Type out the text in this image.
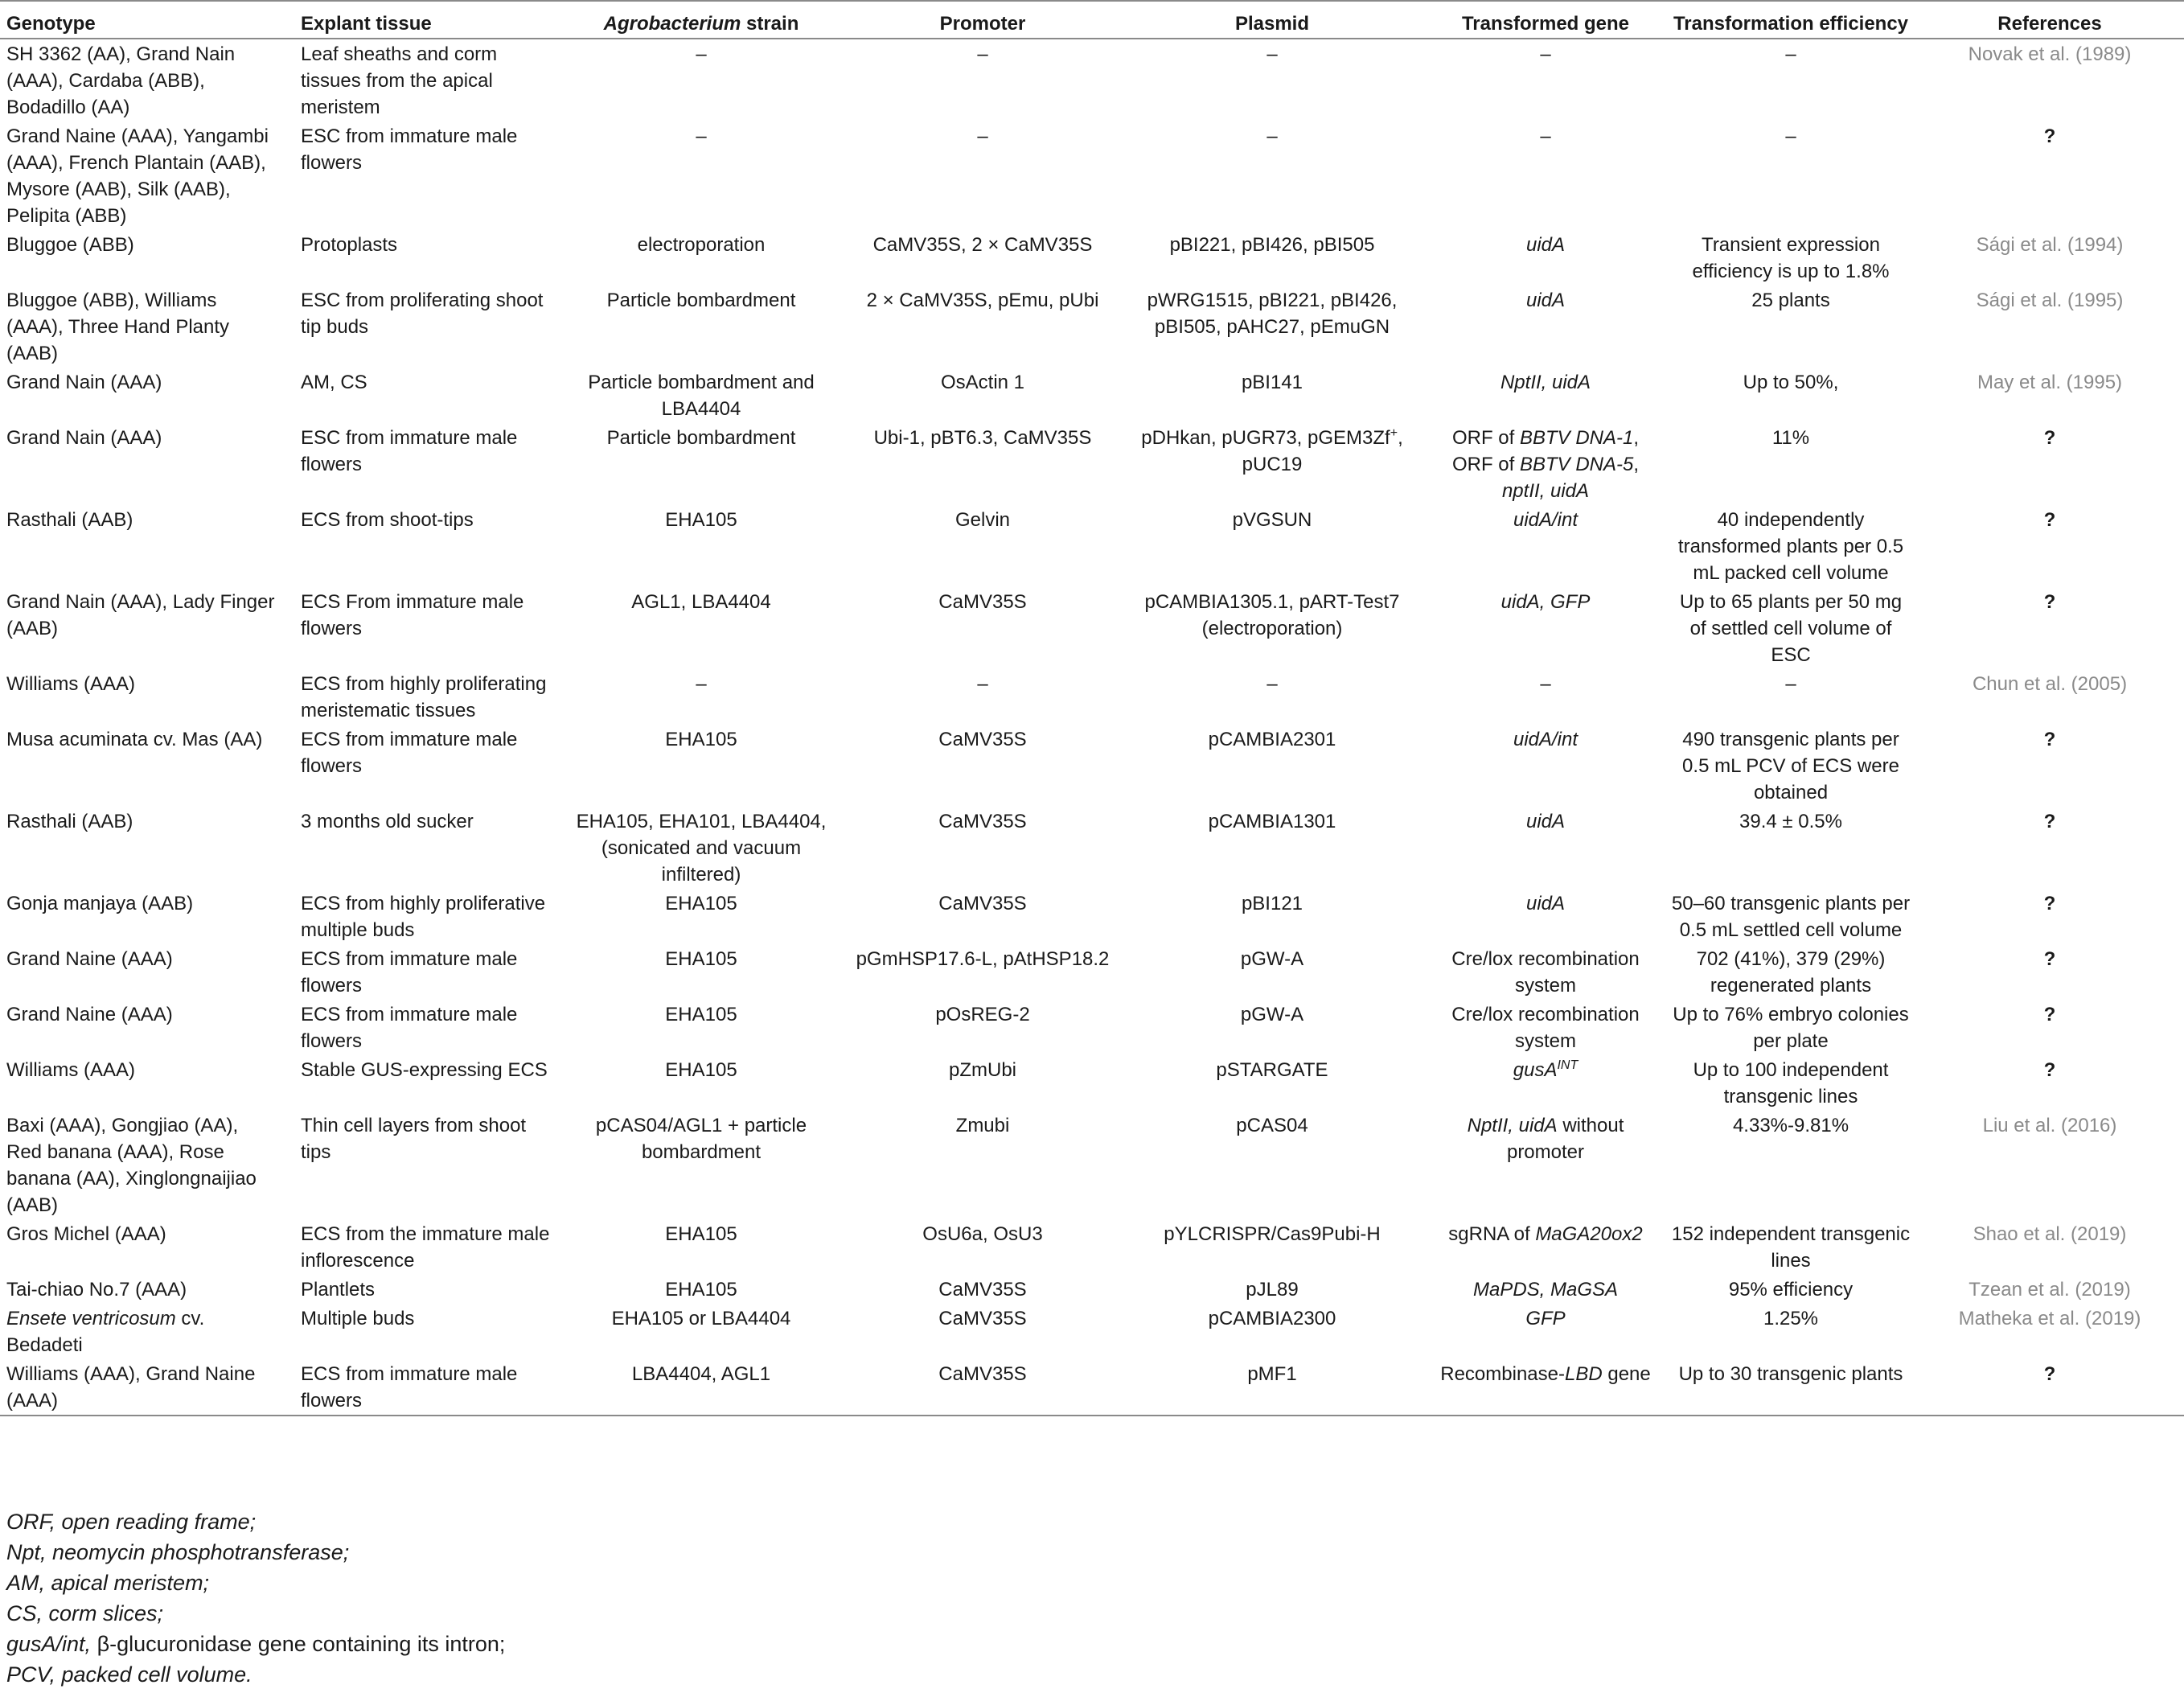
Genotype	Explant tissue	Agrobacterium strain	Promoter	Plasmid	Transformed gene	Transformation efficiency	References
SH 3362 (AA), Grand Nain (AAA), Cardaba (ABB), Bodadillo (AA)	Leaf sheaths and corm tissues from the apical meristem	–	–	–	–	–	Novak et al. (1989)
Grand Naine (AAA), Yangambi (AAA), French Plantain (AAB), Mysore (AAB), Silk (AAB), Pelipita (ABB)	ESC from immature male flowers	–	–	–	–	–	?
Bluggoe (ABB)	Protoplasts	electroporation	CaMV35S, 2 × CaMV35S	pBI221, pBI426, pBI505	uidA	Transient expression efficiency is up to 1.8%	Sági et al. (1994)
Bluggoe (ABB), Williams (AAA), Three Hand Planty (AAB)	ESC from proliferating shoot tip buds	Particle bombardment	2 × CaMV35S, pEmu, pUbi	pWRG1515, pBI221, pBI426, pBI505, pAHC27, pEmuGN	uidA	25 plants	Sági et al. (1995)
Grand Nain (AAA)	AM, CS	Particle bombardment and LBA4404	OsActin 1	pBI141	NptII, uidA	Up to 50%,	May et al. (1995)
Grand Nain (AAA)	ESC from immature male flowers	Particle bombardment	Ubi-1, pBT6.3, CaMV35S	pDHkan, pUGR73, pGEM3Zf+, pUC19	ORF of BBTV DNA-1, ORF of BBTV DNA-5, nptII, uidA	11%	?
Rasthali (AAB)	ECS from shoot-tips	EHA105	Gelvin	pVGSUN	uidA/int	40 independently transformed plants per 0.5 mL packed cell volume	?
Grand Nain (AAA), Lady Finger (AAB)	ECS From immature male flowers	AGL1, LBA4404	CaMV35S	pCAMBIA1305.1, pART-Test7 (electroporation)	uidA, GFP	Up to 65 plants per 50 mg of settled cell volume of ESC	?
Williams (AAA)	ECS from highly proliferating meristematic tissues	–	–	–	–	–	Chun et al. (2005)
Musa acuminata cv. Mas (AA)	ECS from immature male flowers	EHA105	CaMV35S	pCAMBIA2301	uidA/int	490 transgenic plants per 0.5 mL PCV of ECS were obtained	?
Rasthali (AAB)	3 months old sucker	EHA105, EHA101, LBA4404, (sonicated and vacuum infiltered)	CaMV35S	pCAMBIA1301	uidA	39.4 ± 0.5%	?
Gonja manjaya (AAB)	ECS from highly proliferative multiple buds	EHA105	CaMV35S	pBI121	uidA	50–60 transgenic plants per 0.5 mL settled cell volume	?
Grand Naine (AAA)	ECS from immature male flowers	EHA105	pGmHSP17.6-L, pAtHSP18.2	pGW-A	Cre/lox recombination system	702 (41%), 379 (29%) regenerated plants	?
Grand Naine (AAA)	ECS from immature male flowers	EHA105	pOsREG-2	pGW-A	Cre/lox recombination system	Up to 76% embryo colonies per plate	?
Williams (AAA)	Stable GUS-expressing ECS	EHA105	pZmUbi	pSTARGATE	gusA$^{INT}$	Up to 100 independent transgenic lines	?
Baxi (AAA), Gongjiao (AA), Red banana (AAA), Rose banana (AA), Xinglongnaijiao (AAB)	Thin cell layers from shoot tips	pCAS04/AGL1 + particle bombardment	Zmubi	pCAS04	NptII, uidA without promoter	4.33%-9.81%	Liu et al. (2016)
Gros Michel (AAA)	ECS from the immature male inflorescence	EHA105	OsU6a, OsU3	pYLCRISPR/Cas9Pubi-H	sgRNA of MaGA20ox2	152 independent transgenic lines	Shao et al. (2019)
Tai-chiao No.7 (AAA)	Plantlets	EHA105	CaMV35S	pJL89	MaPDS, MaGSA	95% efficiency	Tzean et al. (2019)
Ensete ventricosum cv. Bedadeti	Multiple buds	EHA105 or LBA4404	CaMV35S	pCAMBIA2300	GFP	1.25%	Matheka et al. (2019)
Williams (AAA), Grand Naine (AAA)	ECS from immature male flowers	LBA4404, AGL1	CaMV35S	pMF1	Recombinase-LBD gene	Up to 30 transgenic plants	?
ORF, open reading frame;
Npt, neomycin phosphotransferase;
AM, apical meristem;
CS, corm slices;
gusA/int, β-glucuronidase gene containing its intron;
PCV, packed cell volume.
